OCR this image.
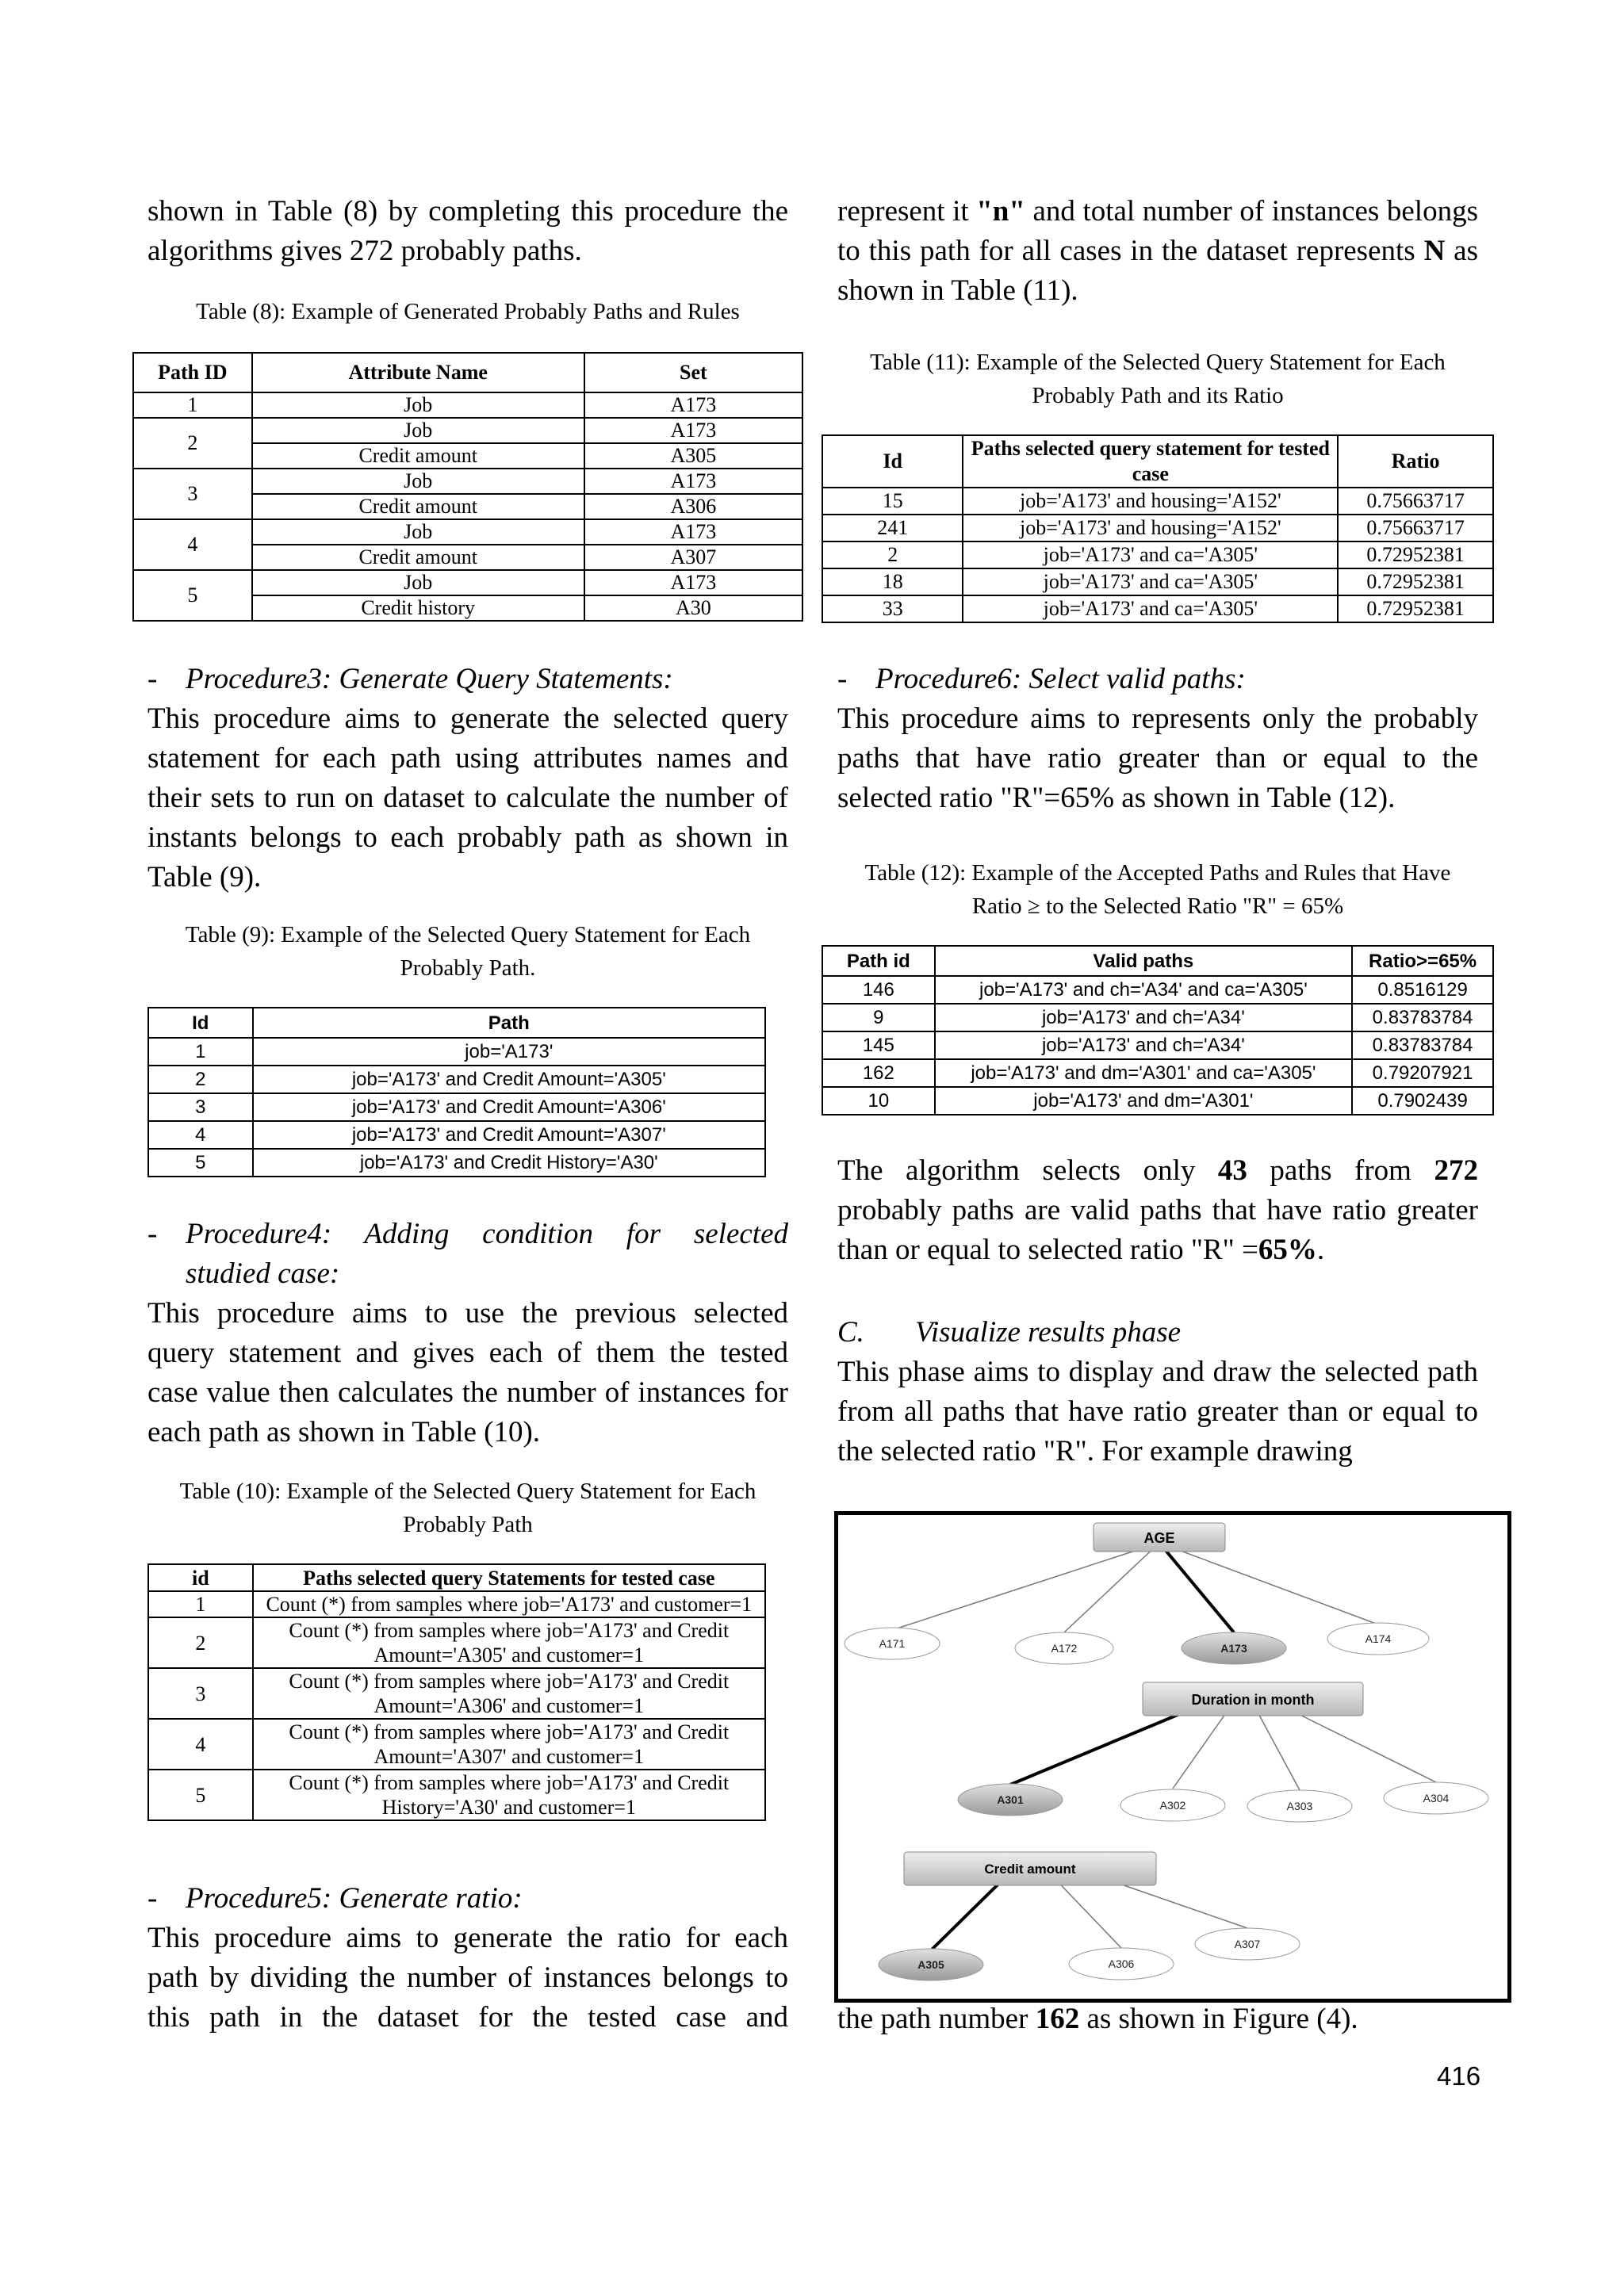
shown in Table (8) by completing this procedure the algorithms gives 272 probably paths.

Table (8): Example of Generated Probably Paths and Rules

Path ID	Attribute Name	Set
1	Job	A173
2	Job	A173
	Credit amount	A305
3	Job	A173
	Credit amount	A306
4	Job	A173
	Credit amount	A307
5	Job	A173
	Credit history	A30

- Procedure3: Generate Query Statements:

This procedure aims to generate the selected query statement for each path using attributes names and their sets to run on dataset to calculate the number of instants belongs to each probably path as shown in Table (9).

Table (9): Example of the Selected Query Statement for Each Probably Path.

Id	Path
1	job='A173'
2	job='A173' and Credit Amount='A305'
3	job='A173' and Credit Amount='A306'
4	job='A173' and Credit Amount='A307'
5	job='A173' and Credit History='A30'

- Procedure4: Adding condition for selected

studied case:

This procedure aims to use the previous selected query statement and gives each of them the tested case value then calculates the number of instances for each path as shown in Table (10).

Table (10): Example of the Selected Query Statement for Each Probably Path

id	Paths selected query Statements for tested case
1	Count (*) from samples where job='A173' and customer=1
2	Count (*) from samples where job='A173' and Credit Amount='A305' and customer=1
3	Count (*) from samples where job='A173' and Credit Amount='A306' and customer=1
4	Count (*) from samples where job='A173' and Credit Amount='A307' and customer=1
5	Count (*) from samples where job='A173' and Credit History='A30' and customer=1

- Procedure5: Generate ratio:

This procedure aims to generate the ratio for each path by dividing the number of instances belongs to this path in the dataset for the tested case and

represent it "n" and total number of instances belongs to this path for all cases in the dataset represents N as shown in Table (11).

Table (11): Example of the Selected Query Statement for Each Probably Path and its Ratio

Id	Paths selected query statement for tested case	Ratio
15	job='A173' and housing='A152'	0.75663717
241	job='A173' and housing='A152'	0.75663717
2	job='A173' and ca='A305'	0.72952381
18	job='A173' and ca='A305'	0.72952381
33	job='A173' and ca='A305'	0.72952381

- Procedure6: Select valid paths:

This procedure aims to represents only the probably paths that have ratio greater than or equal to the selected ratio "R"=65% as shown in Table (12).

Table (12): Example of the Accepted Paths and Rules that Have Ratio ≥ to the Selected Ratio "R" = 65%

Path id	Valid paths	Ratio>=65%
146	job='A173' and ch='A34' and ca='A305'	0.8516129
9	job='A173' and ch='A34'	0.83783784
145	job='A173' and ch='A34'	0.83783784
162	job='A173' and dm='A301' and ca='A305'	0.79207921
10	job='A173' and dm='A301'	0.7902439

The algorithm selects only 43 paths from 272 probably paths are valid paths that have ratio greater than or equal to selected ratio "R" =65%.

C. Visualize results phase

This phase aims to display and draw the selected path from all paths that have ratio greater than or equal to the selected ratio "R". For example drawing

AGE
Duration in month
Credit amount
A171	A172	A173
A174
A301	A302	A303
A304
A305	A306
A307

the path number 162 as shown in Figure (4).

416
